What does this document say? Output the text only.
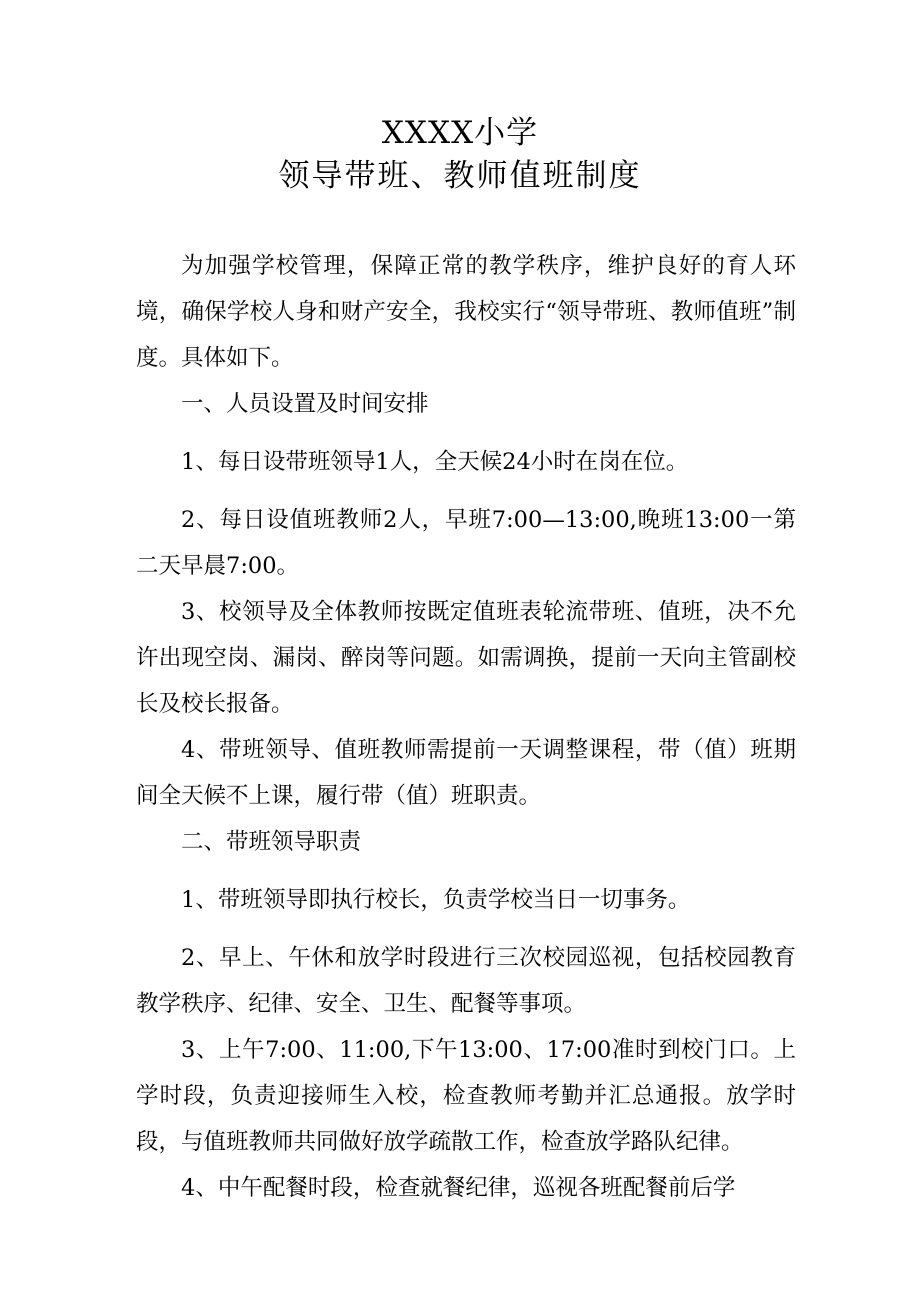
XXXX小学
领导带班、教师值班制度

为加强学校管理，保障正常的教学秩序，维护良好的育人环境，确保学校人身和财产安全，我校实行“领导带班、教师值班”制度。具体如下。

一、人员设置及时间安排

1、每日设带班领导1人，全天候24小时在岗在位。

2、每日设值班教师2人，早班7:00—13:00,晚班13:00一第二天早晨7:00。

3、校领导及全体教师按既定值班表轮流带班、值班，决不允许出现空岗、漏岗、醉岗等问题。如需调换，提前一天向主管副校长及校长报备。

4、带班领导、值班教师需提前一天调整课程，带（值）班期间全天候不上课，履行带（值）班职责。

二、带班领导职责

1、带班领导即执行校长，负责学校当日一切事务。

2、早上、午休和放学时段进行三次校园巡视，包括校园教育教学秩序、纪律、安全、卫生、配餐等事项。

3、上午7:00、11:00,下午13:00、17:00准时到校门口。上学时段，负责迎接师生入校，检查教师考勤并汇总通报。放学时段，与值班教师共同做好放学疏散工作，检查放学路队纪律。

4、中午配餐时段，检查就餐纪律，巡视各班配餐前后学
